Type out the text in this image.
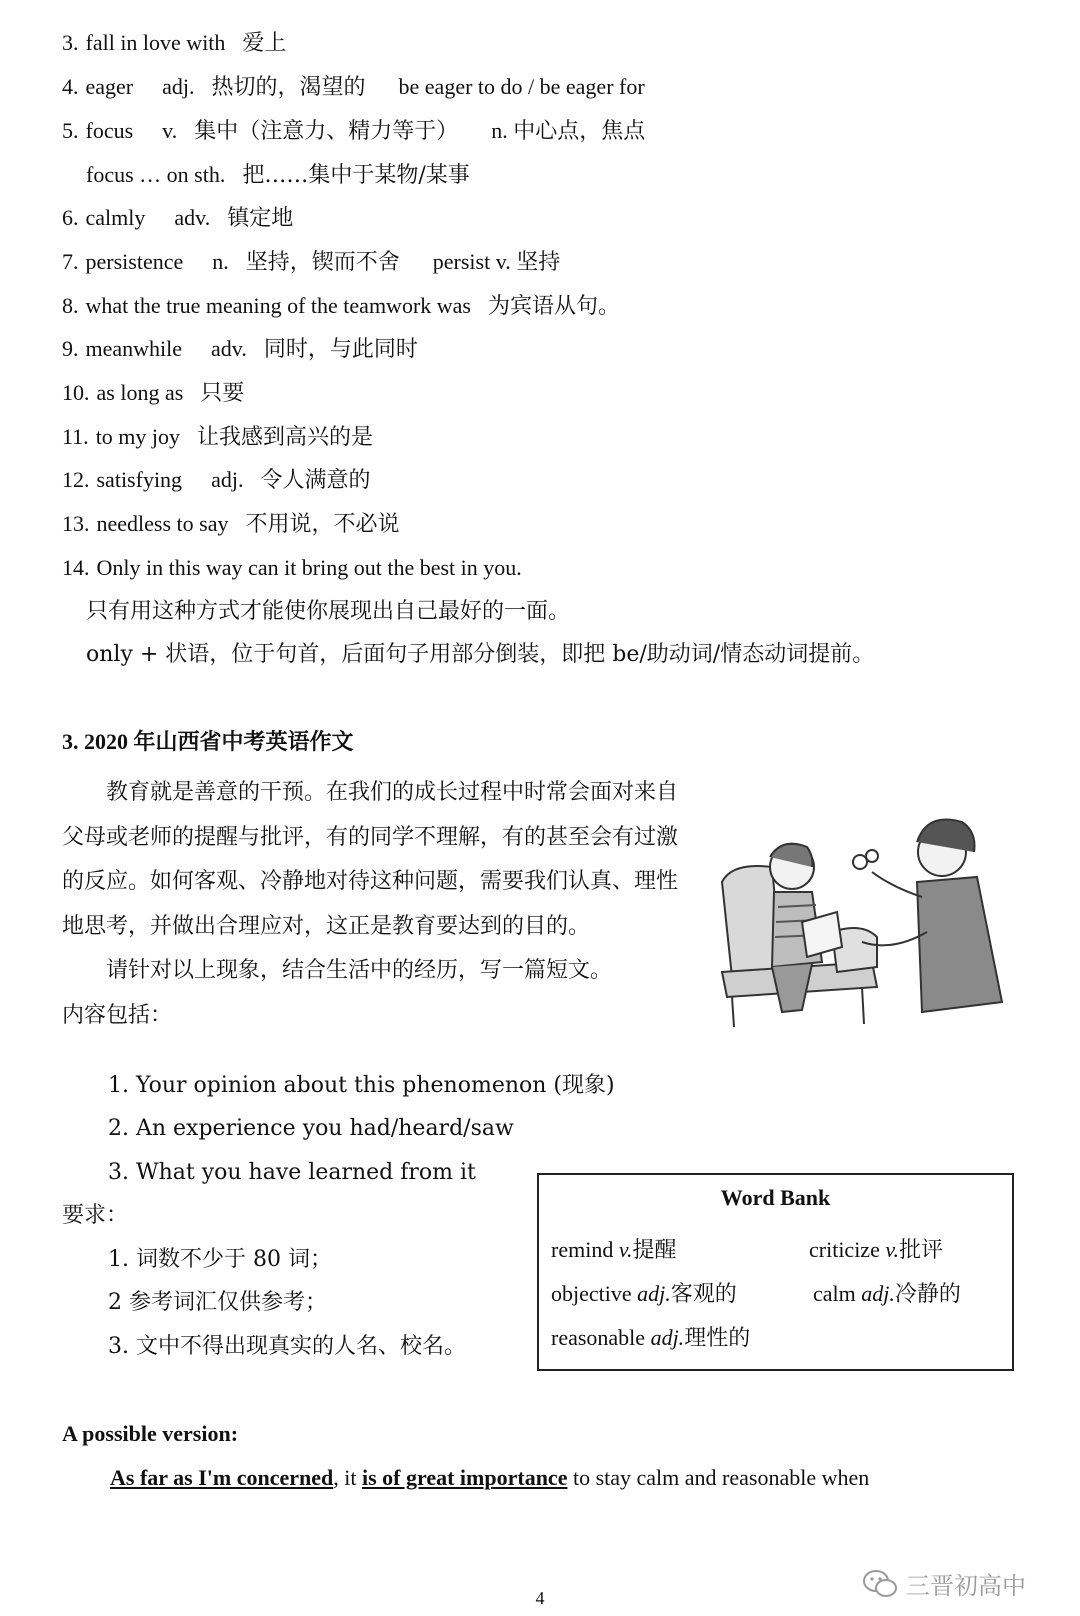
3. fall in love with 爱上
4. eager adj. 热切的，渴望的 be eager to do / be eager for
5. focus v. 集中（注意力、精力等于） n. 中心点，焦点
focus … on sth. 把……集中于某物/某事
6. calmly adv. 镇定地
7. persistence n. 坚持，锲而不舍 persist v. 坚持
8. what the true meaning of the teamwork was 为宾语从句。
9. meanwhile adv. 同时，与此同时
10. as long as 只要
11. to my joy 让我感到高兴的是
12. satisfying adj. 令人满意的
13. needless to say 不用说，不必说
14. Only in this way can it bring out the best in you.
只有用这种方式才能使你展现出自己最好的一面。
only + 状语，位于句首，后面句子用部分倒装，即把 be/助动词/情态动词提前。
3. 2020 年山西省中考英语作文

教育就是善意的干预。在我们的成长过程中时常会面对来自父母或老师的提醒与批评，有的同学不理解，有的甚至会有过激的反应。如何客观、冷静地对待这种问题，需要我们认真、理性地思考，并做出合理应对，这正是教育要达到的目的。

请针对以上现象，结合生活中的经历，写一篇短文。

内容包括：

1. Your opinion about this phenomenon (现象)
2. An experience you had/heard/saw
3. What you have learned from it
要求：
1. 词数不少于 80 词；
2 参考词汇仅供参考；
3. 文中不得出现真实的人名、校名。
Word Bank
remind v.提醒	criticize v.批评
objective adj.客观的	calm adj.冷静的
reasonable adj.理性的
A possible version:
As far as I'm concerned, it is of great importance to stay calm and reasonable when
4	三晋初高中
